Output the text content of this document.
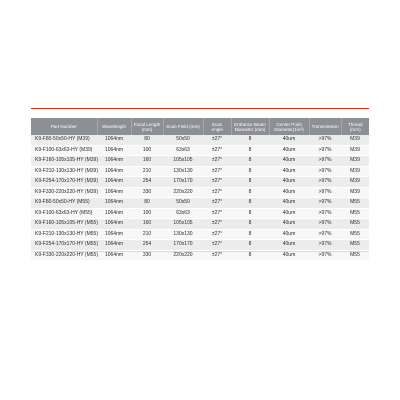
Part Number	Wavelength	Focal Length (mm)	Scan Field (mm)	Scan Angle	Entrance Beam Diameter (mm)	Center Point Diameter(1/e²)	Transmission	Thread (mm)
K9-F80-50x50-HY (M39)	1064nm	80	50x50	±27°	8	40um	>97%	M39
K9-F100-63x63-HY (M39)	1064nm	100	63x63	±27°	8	40um	>97%	M39
K9-F160-105x105-HY (M39)	1064nm	160	105x105	±27°	8	40um	>97%	M39
K9-F210-130x130-HY (M39)	1064nm	210	130x130	±27°	8	40um	>97%	M39
K9-F254-170x170-HY (M39)	1064nm	254	170x170	±27°	8	40um	>97%	M39
K9-F330-220x220-HY (M39)	1064nm	330	220x220	±27°	8	40um	>97%	M39
K9-F80-50x50-HY (M55)	1064nm	80	50x50	±27°	8	40um	>97%	M55
K9-F100-63x63-HY (M55)	1064nm	100	63x63	±27°	8	40um	>97%	M55
K9-F160-105x105-HY (M55)	1064nm	160	105x105	±27°	8	40um	>97%	M55
K9-F210-130x130-HY (M55)	1064nm	210	130x130	±27°	8	40um	>97%	M55
K9-F254-170x170-HY (M55)	1064nm	254	170x170	±27°	8	40um	>97%	M55
K9-F330-220x220-HY (M55)	1064nm	330	220x220	±27°	8	40um	>97%	M55
